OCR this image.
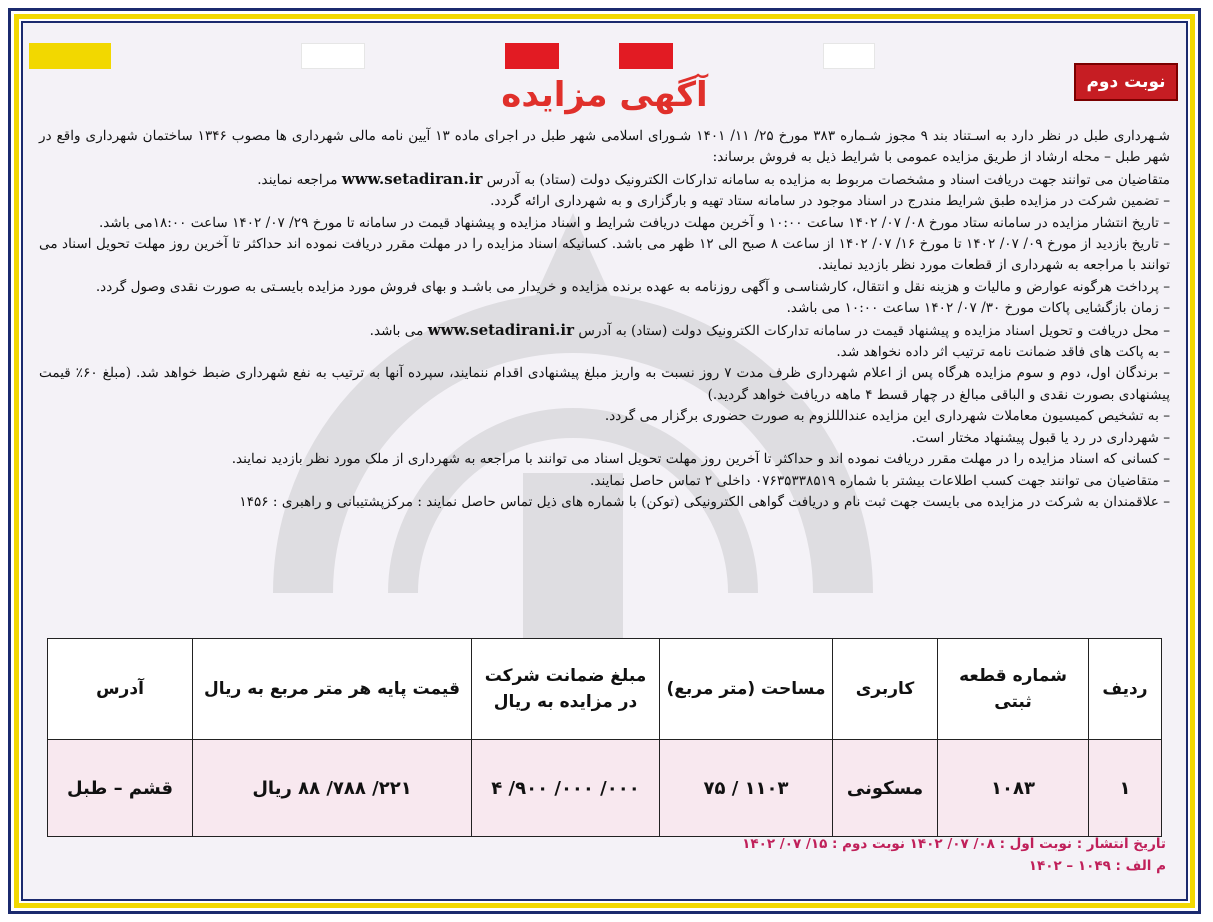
نوبت دوم
آگهی مزایده

شـهرداری طبل در نظر دارد به اسـتناد بند ۹ مجوز شـماره ۳۸۳ مورخ ۲۵/ ۱۱/ ۱۴۰۱ شـورای اسلامی شهر طبل در اجرای ماده ۱۳ آیین نامه مالی شهرداری ها مصوب ۱۳۴۶ ساختمان شهرداری واقع در شهر طبل – محله ارشاد از طریق مزایده عمومی با شرایط ذیل به فروش برساند:

متقاضیان می توانند جهت دریافت اسناد و مشخصات مربوط به مزایده به سامانه تدارکات الکترونیک دولت (ستاد) به آدرس www.setadiran.ir مراجعه نمایند.

– تضمین شرکت در مزایده طبق شرایط مندرج در اسناد موجود در سامانه ستاد تهیه و بارگزاری و به شهرداری ارائه گردد.

– تاریخ انتشار مزایده در سامانه ستاد مورخ ۰۸/ ۰۷/ ۱۴۰۲ ساعت ۱۰:۰۰ و آخرین مهلت دریافت شرایط و اسناد مزایده و پیشنهاد قیمت در سامانه تا مورخ ۲۹/ ۰۷/ ۱۴۰۲ ساعت ۱۸:۰۰می باشد.

– تاریخ بازدید از مورخ ۰۹/ ۰۷/ ۱۴۰۲ تا مورخ ۱۶/ ۰۷/ ۱۴۰۲ از ساعت ۸ صبح الی ۱۲ ظهر می باشد. کسانیکه اسناد مزایده را در مهلت مقرر دریافت نموده اند حداکثر تا آخرین روز مهلت تحویل اسناد می توانند با مراجعه به شهرداری از قطعات مورد نظر بازدید نمایند.

– پرداخت هرگونه عوارض و مالیات و هزینه نقل و انتقال، کارشناسـی و آگهی روزنامه به عهده برنده مزایده و خریدار می باشـد و بهای فروش مورد مزایده بایسـتی به صورت نقدی وصول گردد.

– زمان بازگشایی پاکات مورخ ۳۰/ ۰۷/ ۱۴۰۲ ساعت ۱۰:۰۰ می باشد.

– محل دریافت و تحویل اسناد مزایده و پیشنهاد قیمت در سامانه تدارکات الکترونیک دولت (ستاد) به آدرس www.setadirani.ir می باشد.

– به پاکت های فاقد ضمانت نامه ترتیب اثر داده نخواهد شد.

– برندگان اول، دوم و سوم مزایده هرگاه پس از اعلام شهرداری ظرف مدت ۷ روز نسبت به واریز مبلغ پیشنهادی اقدام ننمایند، سپرده آنها به ترتیب به نفع شهرداری ضبط خواهد شد. (مبلغ ۶۰٪ قیمت پیشنهادی بصورت نقدی و الباقی مبالغ در چهار قسط ۴ ماهه دریافت خواهد گردید.)

– به تشخیص کمیسیون معاملات شهرداری این مزایده عندالللزوم به صورت حضوری برگزار می گردد.

– شهرداری در رد یا قبول پیشنهاد مختار است.

– کسانی که اسناد مزایده را در مهلت مقرر دریافت نموده اند و حداکثر تا آخرین روز مهلت تحویل اسناد می توانند با مراجعه به شهرداری از ملک مورد نظر بازدید نمایند.

– متقاضیان می توانند جهت کسب اطلاعات بیشتر با شماره ۰۷۶۳۵۳۳۸۵۱۹ داخلی ۲ تماس حاصل نمایند.

– علاقمندان به شرکت در مزایده می بایست جهت ثبت نام و دریافت گواهی الکترونیکی (توکن) با شماره های ذیل تماس حاصل نمایند : مرکزپشتیبانی و راهبری : ۱۴۵۶

ردیف	شماره قطعه ثبتی	کاربری	مساحت (متر مربع)	مبلغ ضمانت شرکت در مزایده به ریال	قیمت پایه هر متر مربع به ریال	آدرس
۱	۱۰۸۳	مسکونی	۱۱۰۳ / ۷۵	۰۰۰/ ۰۰۰/ ۹۰۰/ ۴	۲۲۱/ ۷۸۸/ ۸۸ ریال	قشم – طبل
تاریخ انتشار : نوبت اول : ۰۸/ ۰۷/ ۱۴۰۲ نوبت دوم : ۱۵/ ۰۷/ ۱۴۰۲
م الف : ۱۰۴۹ – ۱۴۰۲
